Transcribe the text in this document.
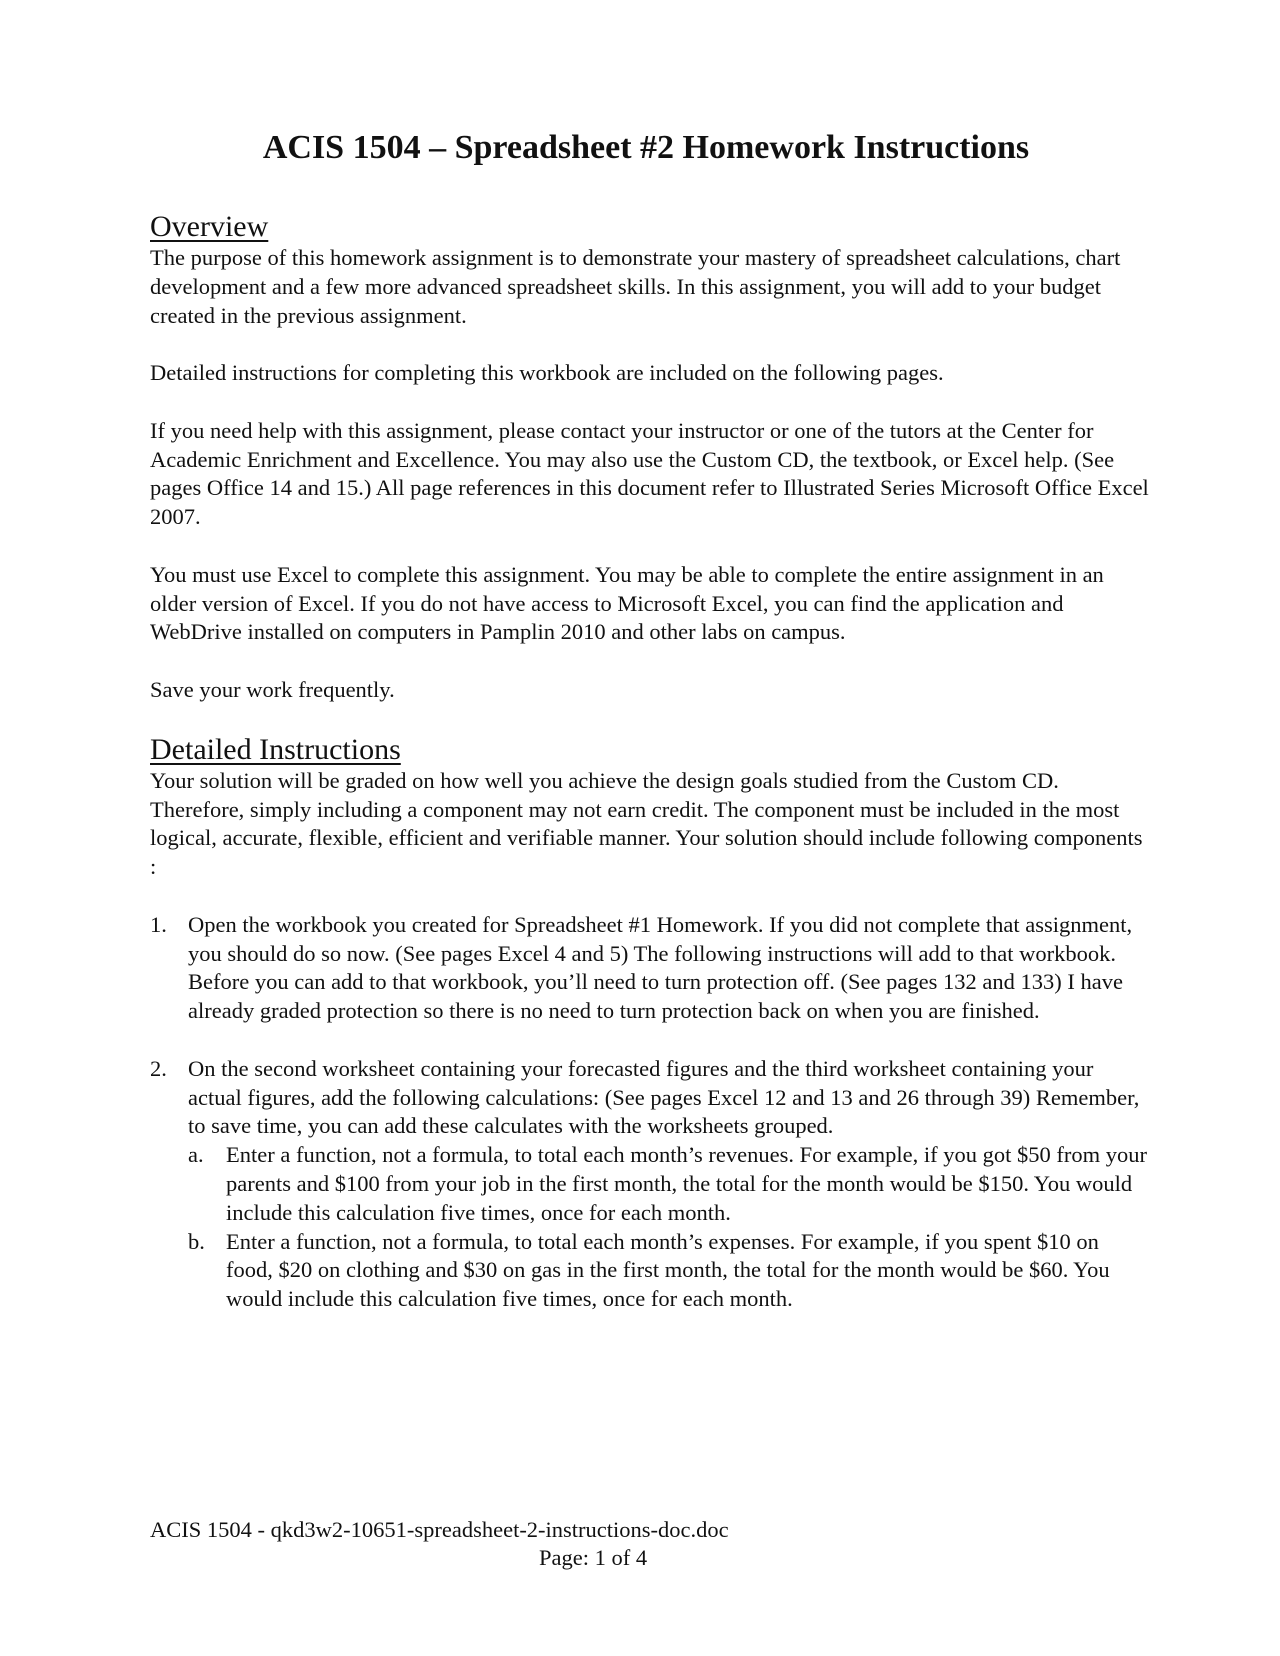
ACIS 1504 – Spreadsheet #2 Homework Instructions
Overview

The purpose of this homework assignment is to demonstrate your mastery of spreadsheet calculations, chart development and a few more advanced spreadsheet skills. In this assignment, you will add to your budget created in the previous assignment.

Detailed instructions for completing this workbook are included on the following pages.

If you need help with this assignment, please contact your instructor or one of the tutors at the Center for Academic Enrichment and Excellence. You may also use the Custom CD, the textbook, or Excel help. (See pages Office 14 and 15.) All page references in this document refer to Illustrated Series Microsoft Office Excel 2007.

You must use Excel to complete this assignment. You may be able to complete the entire assignment in an older version of Excel. If you do not have access to Microsoft Excel, you can find the application and WebDrive installed on computers in Pamplin 2010 and other labs on campus.

Save your work frequently.

Detailed Instructions

Your solution will be graded on how well you achieve the design goals studied from the Custom CD. Therefore, simply including a component may not earn credit. The component must be included in the most logical, accurate, flexible, efficient and verifiable manner. Your solution should include following components :

1. Open the workbook you created for Spreadsheet #1 Homework. If you did not complete that assignment, you should do so now. (See pages Excel 4 and 5) The following instructions will add to that workbook. Before you can add to that workbook, you’ll need to turn protection off. (See pages 132 and 133) I have already graded protection so there is no need to turn protection back on when you are finished.
2. On the second worksheet containing your forecasted figures and the third worksheet containing your actual figures, add the following calculations: (See pages Excel 12 and 13 and 26 through 39) Remember, to save time, you can add these calculates with the worksheets grouped.
a. Enter a function, not a formula, to total each month’s revenues. For example, if you got $50 from your parents and $100 from your job in the first month, the total for the month would be $150. You would include this calculation five times, once for each month.
b. Enter a function, not a formula, to total each month’s expenses. For example, if you spent $10 on food, $20 on clothing and $30 on gas in the first month, the total for the month would be $60. You would include this calculation five times, once for each month.

ACIS 1504 - qkd3w2-10651-spreadsheet-2-instructions-doc.doc

Page: 1 of 4
